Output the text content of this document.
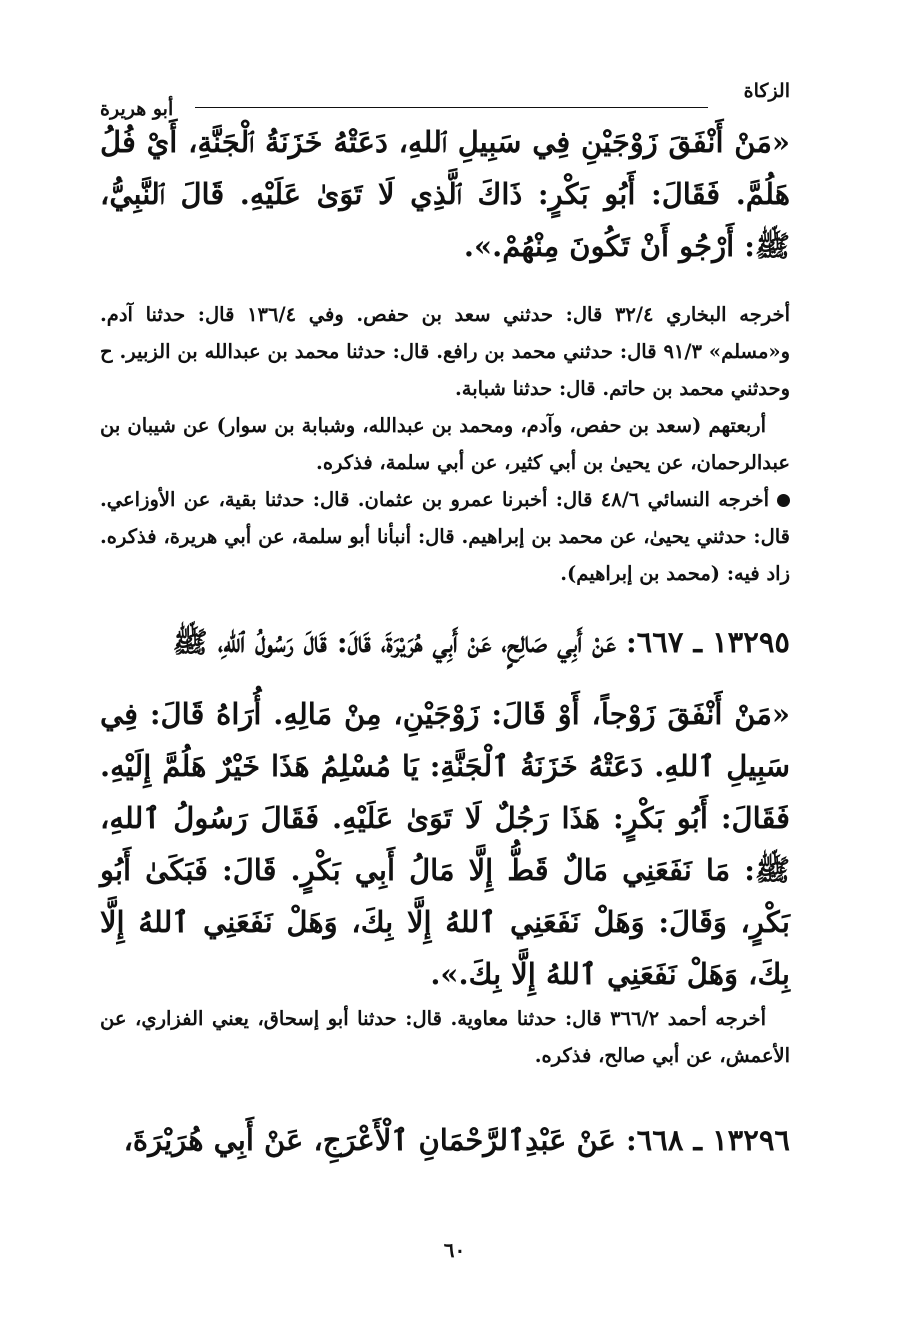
الزكاة
أبو هريرة

«مَنْ أَنْفَقَ زَوْجَيْنِ فِي سَبِيلِ ٱللهِ، دَعَتْهُ خَزَنَةُ ٱلْجَنَّةِ، أَيْ فُلُ هَلُمَّ. فَقَالَ: أَبُو بَكْرٍ: ذَاكَ ٱلَّذِي لَا تَوَىٰ عَلَيْهِ. قَالَ ٱلنَّبِيُّ، ﷺ: أَرْجُو أَنْ تَكُونَ مِنْهُمْ.».

أخرجه البخاري ٣٢/٤ قال: حدثني سعد بن حفص. وفي ١٣٦/٤ قال: حدثنا آدم. و«مسلم» ٩١/٣ قال: حدثني محمد بن رافع. قال: حدثنا محمد بن عبدالله بن الزبير. ح وحدثني محمد بن حاتم. قال: حدثنا شبابة.

أربعتهم (سعد بن حفص، وآدم، ومحمد بن عبدالله، وشبابة بن سوار) عن شيبان بن عبدالرحمان، عن يحيىٰ بن أبي كثير، عن أبي سلمة، فذكره.

أخرجه النسائي ٤٨/٦ قال: أخبرنا عمرو بن عثمان. قال: حدثنا بقية، عن الأوزاعي. قال: حدثني يحيىٰ، عن محمد بن إبراهيم. قال: أنبأنا أبو سلمة، عن أبي هريرة، فذكره. زاد فيه: (محمد بن إبراهيم).

١٣٢٩٥ ـ ٦٦٧: عَنْ أَبِي صَالِحٍ، عَنْ أَبِي هُرَيْرَةَ، قَالَ: قَالَ رَسُولُ ٱللهِ، ﷺ

«مَنْ أَنْفَقَ زَوْجاً، أَوْ قَالَ: زَوْجَيْنِ، مِنْ مَالِهِ. أُرَاهُ قَالَ: فِي سَبِيلِ ٱللهِ. دَعَتْهُ خَزَنَةُ ٱلْجَنَّةِ: يَا مُسْلِمُ هَذَا خَيْرٌ هَلُمَّ إِلَيْهِ. فَقَالَ: أَبُو بَكْرٍ: هَذَا رَجُلٌ لَا تَوَىٰ عَلَيْهِ. فَقَالَ رَسُولُ ٱللهِ، ﷺ: مَا نَفَعَنِي مَالٌ قَطُّ إِلَّا مَالُ أَبِي بَكْرٍ. قَالَ: فَبَكَىٰ أَبُو بَكْرٍ، وَقَالَ: وَهَلْ نَفَعَنِي ٱللهُ إِلَّا بِكَ، وَهَلْ نَفَعَنِي ٱللهُ إِلَّا بِكَ، وَهَلْ نَفَعَنِي ٱللهُ إِلَّا بِكَ.».

أخرجه أحمد ٣٦٦/٢ قال: حدثنا معاوية. قال: حدثنا أبو إسحاق، يعني الفزاري، عن الأعمش، عن أبي صالح، فذكره.

١٣٢٩٦ ـ ٦٦٨: عَنْ عَبْدِٱلرَّحْمَانِ ٱلْأَعْرَجِ، عَنْ أَبِي هُرَيْرَةَ،

٦٠
